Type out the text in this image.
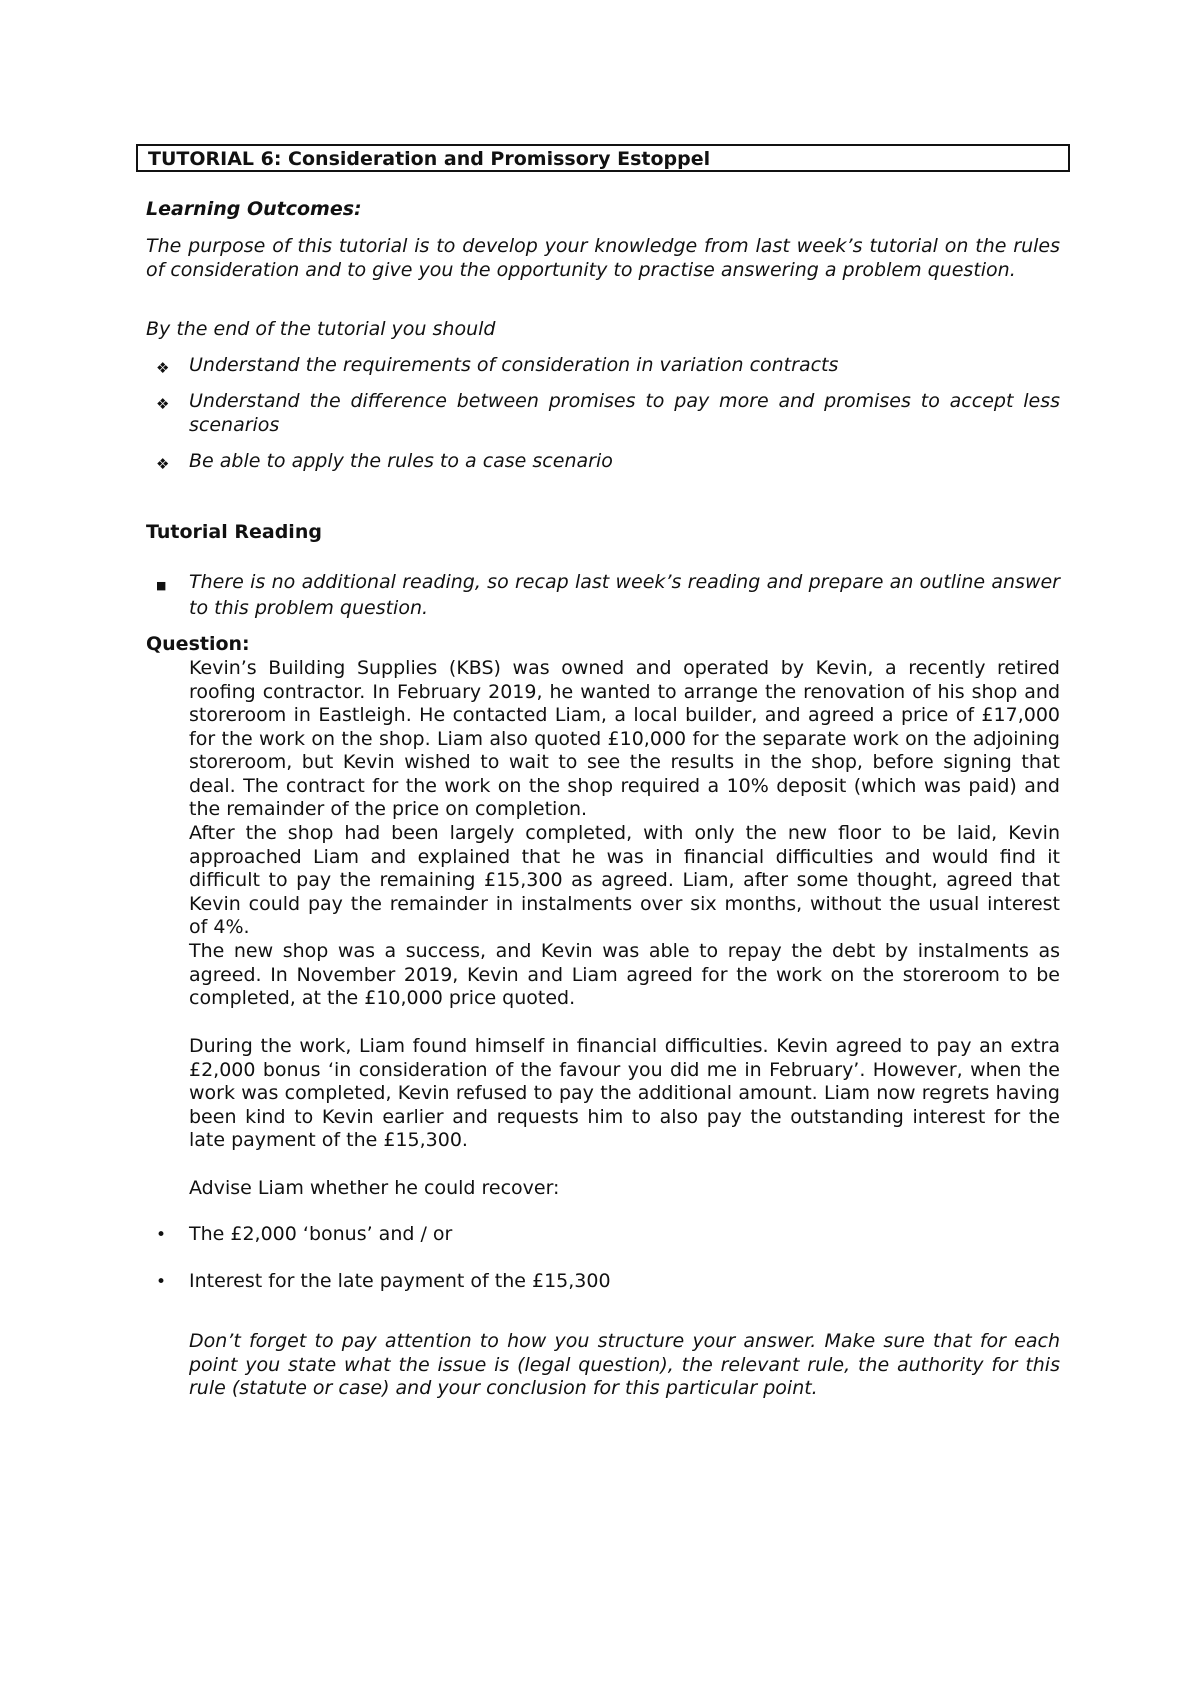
TUTORIAL 6: Consideration and Promissory Estoppel
Learning Outcomes:

The purpose of this tutorial is to develop your knowledge from last week’s tutorial on the rules of consideration and to give you the opportunity to practise answering a problem question.

By the end of the tutorial you should
❖ Understand the requirements of consideration in variation contracts

❖ Understand the difference between promises to pay more and promises to accept less scenarios

❖ Be able to apply the rules to a case scenario

Tutorial Reading
■ There is no additional reading, so recap last week’s reading and prepare an outline answer to this problem question.

Question:

Kevin’s Building Supplies (KBS) was owned and operated by Kevin, a recently retired roofing contractor. In February 2019, he wanted to arrange the renovation of his shop and storeroom in Eastleigh. He contacted Liam, a local builder, and agreed a price of £17,000 for the work on the shop. Liam also quoted £10,000 for the separate work on the adjoining storeroom, but Kevin wished to wait to see the results in the shop, before signing that deal. The contract for the work on the shop required a 10% deposit (which was paid) and the remainder of the price on completion.

After the shop had been largely completed, with only the new floor to be laid, Kevin approached Liam and explained that he was in financial difficulties and would find it difficult to pay the remaining £15,300 as agreed. Liam, after some thought, agreed that Kevin could pay the remainder in instalments over six months, without the usual interest of 4%.

The new shop was a success, and Kevin was able to repay the debt by instalments as agreed. In November 2019, Kevin and Liam agreed for the work on the storeroom to be completed, at the £10,000 price quoted.

During the work, Liam found himself in financial difficulties. Kevin agreed to pay an extra £2,000 bonus ‘in consideration of the favour you did me in February’. However, when the work was completed, Kevin refused to pay the additional amount. Liam now regrets having been kind to Kevin earlier and requests him to also pay the outstanding interest for the late payment of the £15,300.

Advise Liam whether he could recover:
• The £2,000 ‘bonus’ and / or

• Interest for the late payment of the £15,300

Don’t forget to pay attention to how you structure your answer. Make sure that for each point you state what the issue is (legal question), the relevant rule, the authority for this rule (statute or case) and your conclusion for this particular point.
